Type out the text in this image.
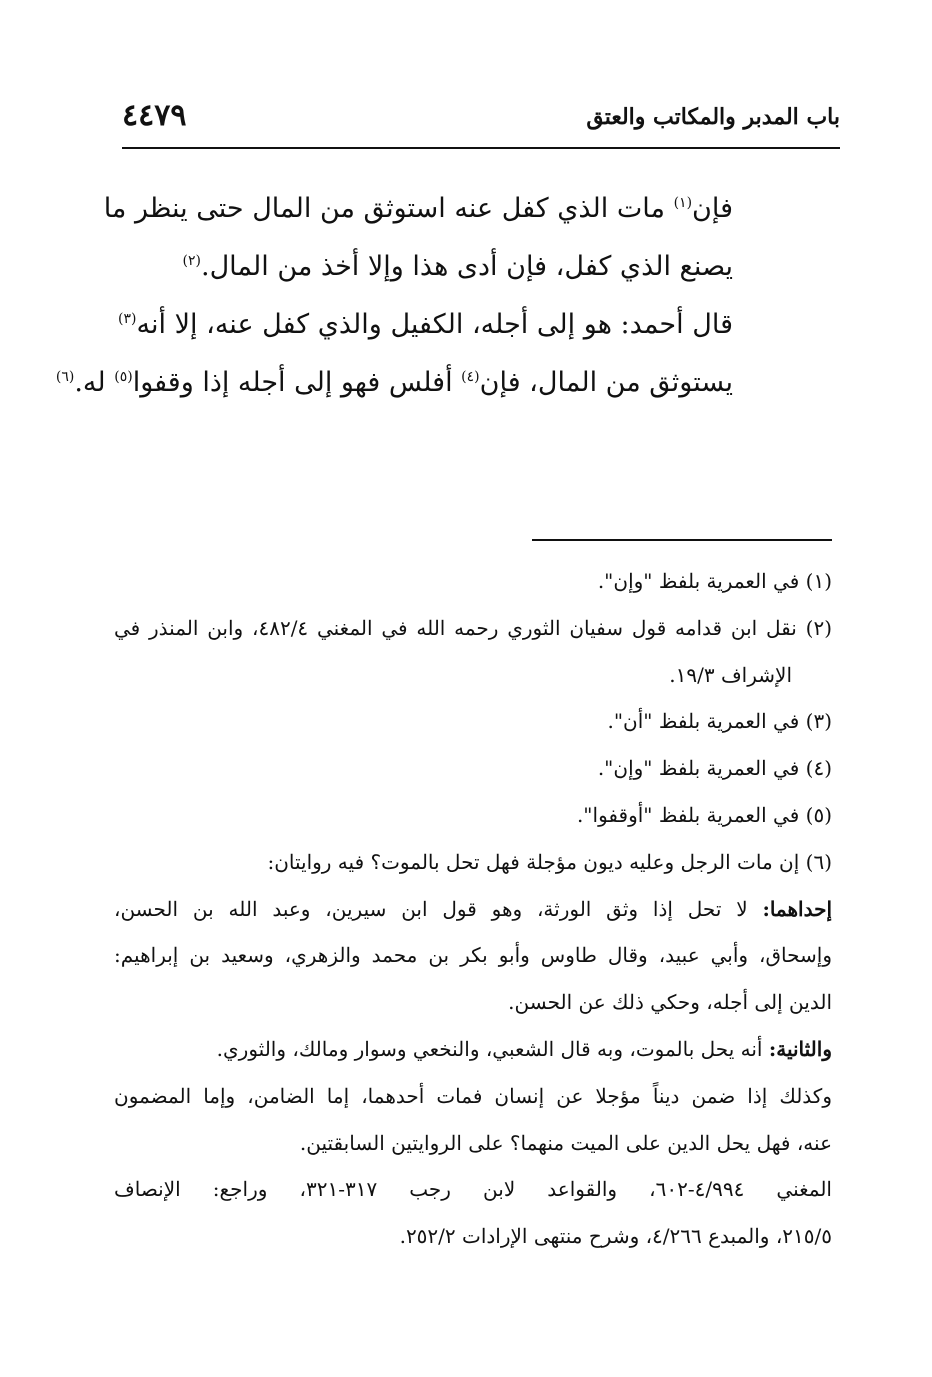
باب المدبر والمكاتب والعتق
٤٤٧٩
فإن$^{(١)}$ مات الذي كفل عنه استوثق من المال حتى ينظر ما
يصنع الذي كفل، فإن أدى هذا وإلا أخذ من المال.$^{(٢)}$
قال أحمد: هو إلى أجله، الكفيل والذي كفل عنه، إلا أنه$^{(٣)}$
يستوثق من المال، فإن$^{(٤)}$ أفلس فهو إلى أجله إذا وقفوا$^{(٥)}$ له.$^{(٦)}$
(١) في العمرية بلفظ "وإن".
(٢) نقل ابن قدامه قول سفيان الثوري رحمه الله في المغني ٤٨٢/٤، وابن المنذر في
الإشراف ١٩/٣.
(٣) في العمرية بلفظ "أن".
(٤) في العمرية بلفظ "وإن".
(٥) في العمرية بلفظ "أوقفوا".
(٦) إن مات الرجل وعليه ديون مؤجلة فهل تحل بالموت؟ فيه روايتان:
إحداهما: لا تحل إذا وثق الورثة، وهو قول ابن سيرين، وعبد الله بن الحسن،
وإسحاق، وأبي عبيد، وقال طاوس وأبو بكر بن محمد والزهري، وسعيد بن إبراهيم:
الدين إلى أجله، وحكي ذلك عن الحسن.
والثانية: أنه يحل بالموت، وبه قال الشعبي، والنخعي وسوار ومالك، والثوري.
وكذلك إذا ضمن ديناً مؤجلا عن إنسان فمات أحدهما، إما الضامن، وإما المضمون
عنه، فهل يحل الدين على الميت منهما؟ على الروايتين السابقتين.
المغني ٤/٩٩٤-٦٠٢، والقواعد لابن رجب ٣١٧-٣٢١، وراجع: الإنصاف
٢١٥/٥، والمبدع ٤/٢٦٦، وشرح منتهى الإرادات ٢٥٢/٢.
